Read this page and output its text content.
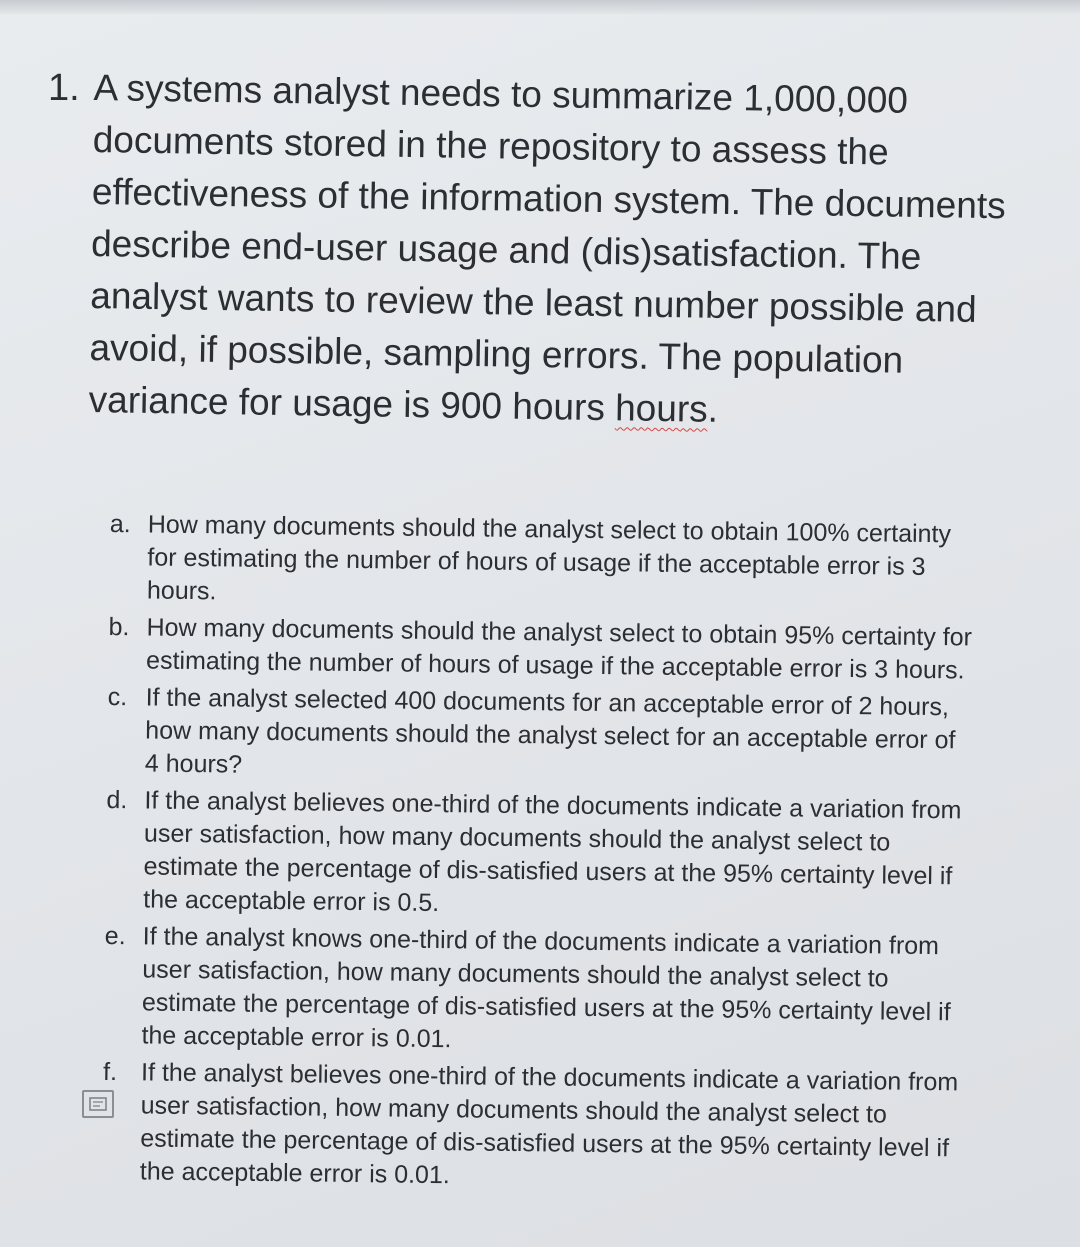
1. A systems analyst needs to summarize 1,000,000 documents stored in the repository to assess the effectiveness of the information system. The documents describe end-user usage and (dis)satisfaction. The analyst wants to review the least number possible and avoid, if possible, sampling errors. The population variance for usage is 900 hours hours.
a. How many documents should the analyst select to obtain 100% certainty for estimating the number of hours of usage if the acceptable error is 3 hours.
b. How many documents should the analyst select to obtain 95% certainty for estimating the number of hours of usage if the acceptable error is 3 hours.
c. If the analyst selected 400 documents for an acceptable error of 2 hours, how many documents should the analyst select for an acceptable error of 4 hours?
d. If the analyst believes one-third of the documents indicate a variation from user satisfaction, how many documents should the analyst select to estimate the percentage of dis-satisfied users at the 95% certainty level if the acceptable error is 0.5.
e. If the analyst knows one-third of the documents indicate a variation from user satisfaction, how many documents should the analyst select to estimate the percentage of dis-satisfied users at the 95% certainty level if the acceptable error is 0.01.
f. If the analyst believes one-third of the documents indicate a variation from user satisfaction, how many documents should the analyst select to estimate the percentage of dis-satisfied users at the 95% certainty level if the acceptable error is 0.01.
